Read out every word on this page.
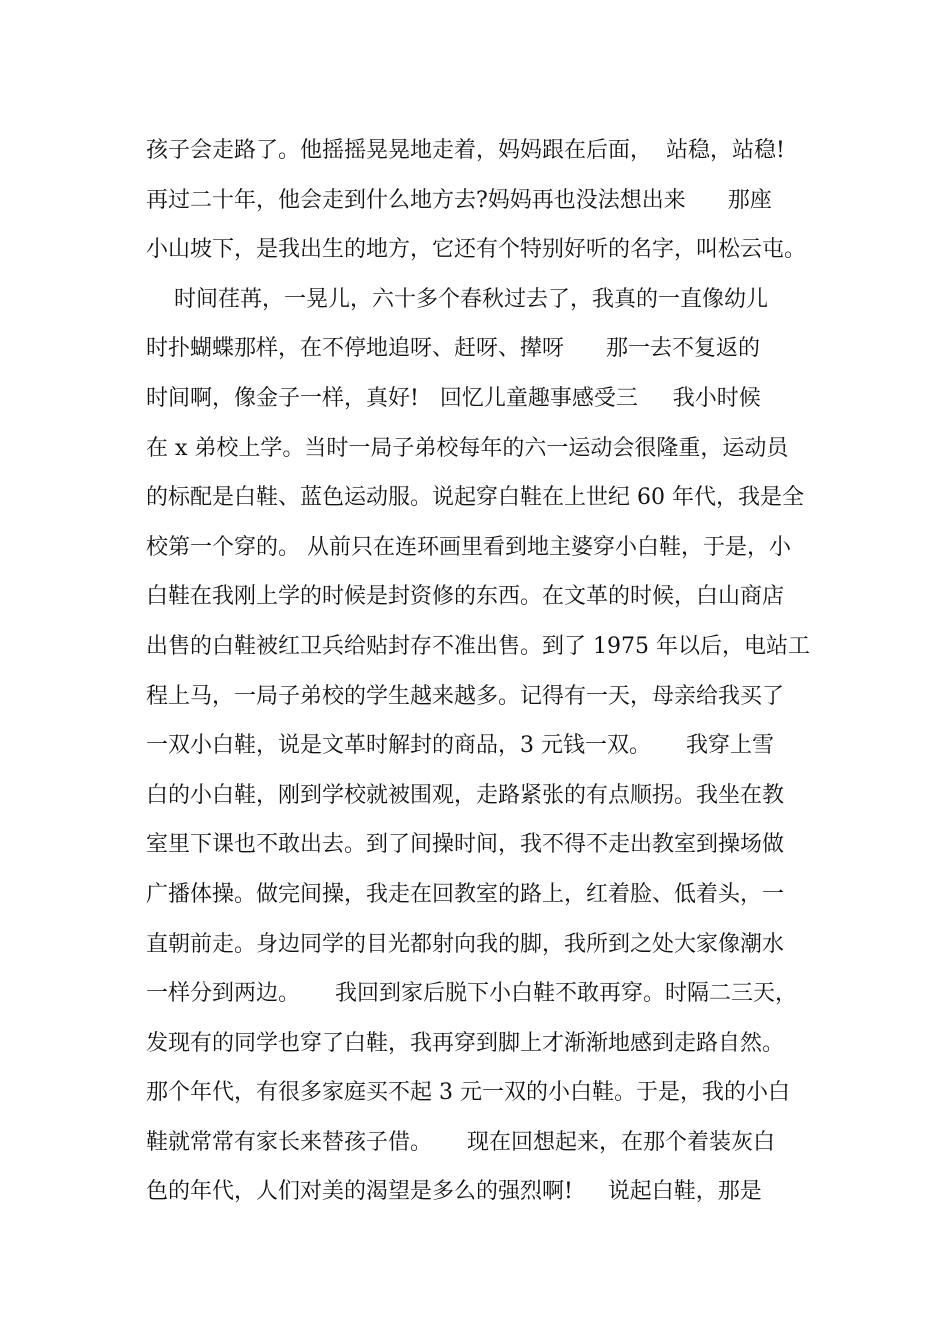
孩子会走路了。他摇摇晃晃地走着，妈妈跟在后面，  站稳，站稳!
再过二十年，他会走到什么地方去?妈妈再也没法想出来      那座
小山坡下，是我出生的地方，它还有个特别好听的名字，叫松云屯。
时间荏苒，一晃儿，六十多个春秋过去了，我真的一直像幼儿
时扑蝴蝶那样，在不停地追呀、赶呀、撵呀      那一去不复返的
时间啊，像金子一样，真好!   回忆儿童趣事感受三     我小时候
在 x 弟校上学。当时一局子弟校每年的六一运动会很隆重，运动员
的标配是白鞋、蓝色运动服。说起穿白鞋在上世纪 60 年代，我是全
校第一个穿的。 从前只在连环画里看到地主婆穿小白鞋，于是，小
白鞋在我刚上学的时候是封资修的东西。在文革的时候，白山商店
出售的白鞋被红卫兵给贴封存不准出售。到了 1975 年以后，电站工
程上马，一局子弟校的学生越来越多。记得有一天，母亲给我买了
一双小白鞋，说是文革时解封的商品，3 元钱一双。     我穿上雪
白的小白鞋，刚到学校就被围观，走路紧张的有点顺拐。我坐在教
室里下课也不敢出去。到了间操时间，我不得不走出教室到操场做
广播体操。做完间操，我走在回教室的路上，红着脸、低着头，一
直朝前走。身边同学的目光都射向我的脚，我所到之处大家像潮水
一样分到两边。     我回到家后脱下小白鞋不敢再穿。时隔二三天，
发现有的同学也穿了白鞋，我再穿到脚上才渐渐地感到走路自然。
那个年代，有很多家庭买不起 3 元一双的小白鞋。于是，我的小白
鞋就常常有家长来替孩子借。     现在回想起来，在那个着装灰白
色的年代，人们对美的渴望是多么的强烈啊!     说起白鞋，那是
